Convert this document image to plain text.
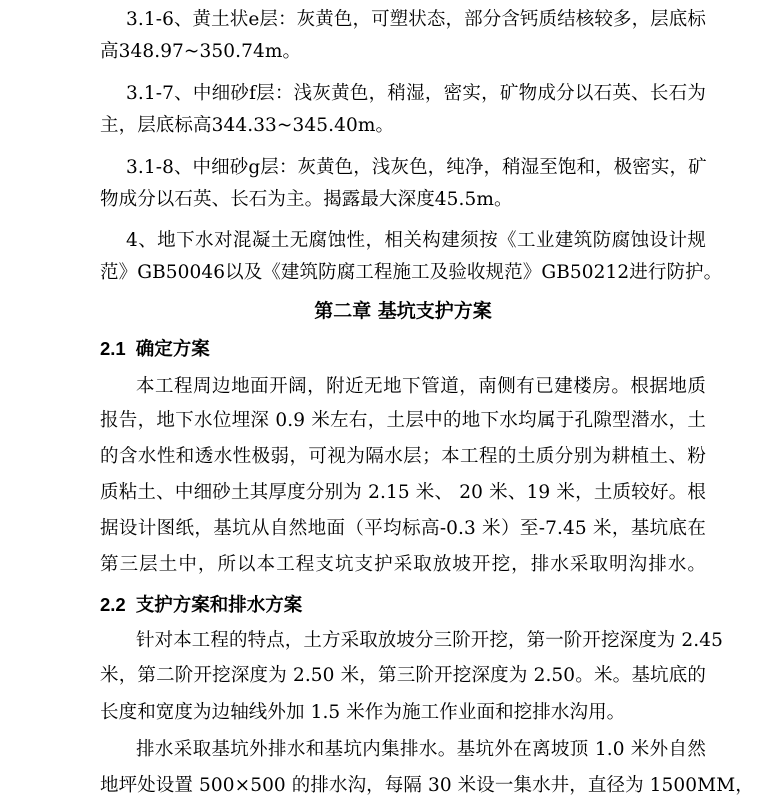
3.1-6、黄土状e层：灰黄色，可塑状态，部分含钙质结核较多，层底标
高348.97~350.74m。
3.1-7、中细砂f层：浅灰黄色，稍湿，密实，矿物成分以石英、长石为
主，层底标高344.33~345.40m。
3.1-8、中细砂g层：灰黄色，浅灰色，纯净，稍湿至饱和，极密实，矿
物成分以石英、长石为主。揭露最大深度45.5m。
4、地下水对混凝土无腐蚀性，相关构建须按《工业建筑防腐蚀设计规
范》GB50046以及《建筑防腐工程施工及验收规范》GB50212进行防护。
第二章 基坑支护方案
2.1 确定方案
本工程周边地面开阔，附近无地下管道，南侧有已建楼房。根据地质
报告，地下水位埋深 0.9 米左右，土层中的地下水均属于孔隙型潜水，土
的含水性和透水性极弱，可视为隔水层；本工程的土质分别为耕植土、粉
质粘土、中细砂土其厚度分别为 2.15 米、 20 米、19 米，土质较好。根
据设计图纸，基坑从自然地面（平均标高-0.3 米）至-7.45 米，基坑底在
第三层土中，所以本工程支坑支护采取放坡开挖，排水采取明沟排水。
2.2 支护方案和排水方案
针对本工程的特点，土方采取放坡分三阶开挖，第一阶开挖深度为 2.45
米，第二阶开挖深度为 2.50 米，第三阶开挖深度为 2.50。米。基坑底的
长度和宽度为边轴线外加 1.5 米作为施工作业面和挖排水沟用。
排水采取基坑外排水和基坑内集排水。基坑外在离坡顶 1.0 米外自然
地坪处设置 500×500 的排水沟，每隔 30 米设一集水井，直径为 1500MM，
